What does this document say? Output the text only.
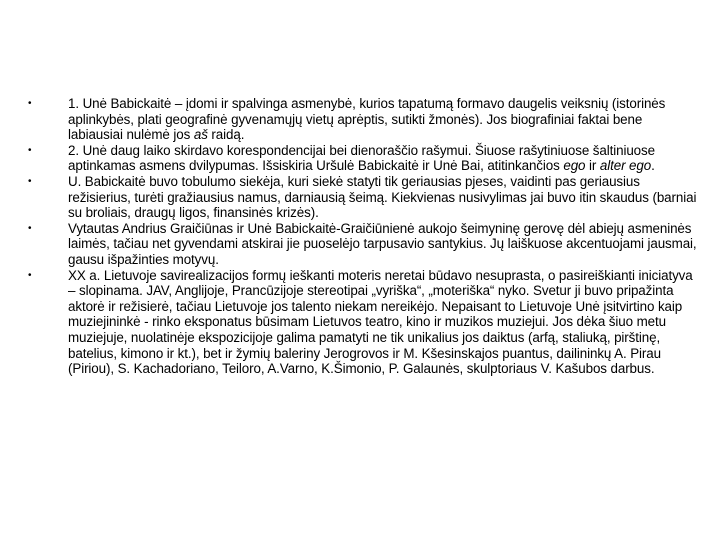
•	1. Unė Babickaitė – įdomi ir spalvinga asmenybė, kurios tapatumą formavo daugelis veiksnių (istorinės aplinkybės, plati geografinė gyvenamųjų vietų aprėptis, sutikti žmonės). Jos biografiniai faktai bene labiausiai nulėmė jos aš raidą.
•	2. Unė daug laiko skirdavo korespondencijai bei dienoraščio rašymui. Šiuose rašytiniuose šaltiniuose aptinkamas asmens dvilypumas. Išsiskiria Uršulė Babickaitė ir Unė Bai, atitinkančios ego ir alter ego.
•	U. Babickaitė buvo tobulumo siekėja, kuri siekė statyti tik geriausias pjeses, vaidinti pas geriausius režisierius, turėti gražiausius namus, darniausią šeimą. Kiekvienas nusivylimas jai buvo itin skaudus (barniai su broliais, draugų ligos, finansinės krizės).
•	Vytautas Andrius Graičiūnas ir Unė Babickaitė-Graičiūnienė aukojo šeimyninę gerovę dėl abiejų asmeninės laimės, tačiau net gyvendami atskirai jie puoselėjo tarpusavio santykius. Jų laiškuose akcentuojami jausmai, gausu išpažinties motyvų.
•	XX a. Lietuvoje savirealizacijos formų ieškanti moteris neretai būdavo nesuprasta, o pasireiškianti iniciatyva – slopinama. JAV, Anglijoje, Prancūzijoje stereotipai „vyriška“, „moteriška“ nyko. Svetur ji buvo pripažinta aktorė ir režisierė, tačiau Lietuvoje jos talento niekam nereikėjo. Nepaisant to Lietuvoje Unė įsitvirtino kaip muziejininkė - rinko eksponatus būsimam Lietuvos teatro, kino ir muzikos muziejui. Jos dėka šiuo metu muziejuje, nuolatinėje ekspozicijoje galima pamatyti ne tik unikalius jos daiktus (arfą, staliuką, pirštinę, batelius, kimono ir kt.), bet ir žymių baleriny Jerogrovos ir M. Kšesinskajos puantus, dailininkų A. Pirau (Piriou), S. Kachadoriano, Teiloro, A.Varno, K.Šimonio, P. Galaunės, skulptoriaus V. Kašubos darbus.
